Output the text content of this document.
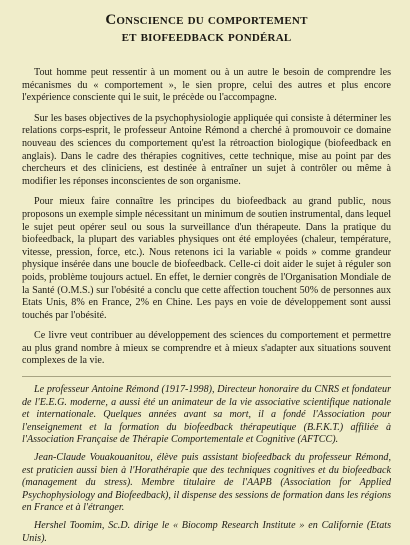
Conscience du comportement
et biofeedback pondéral

Tout homme peut ressentir à un moment ou à un autre le besoin de comprendre les mécanismes du « comportement », le sien propre, celui des autres et plus encore l'expérience consciente qui le suit, le précède ou l'accompagne.

Sur les bases objectives de la psychophysiologie appliquée qui consiste à déterminer les relations corps-esprit, le professeur Antoine Rémond a cherché à promouvoir ce domaine nouveau des sciences du comportement qu'est la rétroaction biologique (biofeedback en anglais). Dans le cadre des thérapies cognitives, cette technique, mise au point par des chercheurs et des cliniciens, est destinée à entraîner un sujet à contrôler ou même à modifier les réponses inconscientes de son organisme.

Pour mieux faire connaître les principes du biofeedback au grand public, nous proposons un exemple simple nécessitant un minimum de soutien instrumental, dans lequel le sujet peut opérer seul ou sous la surveillance d'un thérapeute. Dans la pratique du biofeedback, la plupart des variables physiques ont été employées (chaleur, température, vitesse, pression, force, etc.). Nous retenons ici la variable « poids » comme grandeur physique insérée dans une boucle de biofeedback. Celle-ci doit aider le sujet à réguler son poids, problème toujours actuel. En effet, le dernier congrès de l'Organisation Mondiale de la Santé (O.M.S.) sur l'obésité a conclu que cette affection touchent 50% de personnes aux Etats Unis, 8% en France, 2% en Chine. Les pays en voie de développement sont aussi touchés par l'obésité.

Ce livre veut contribuer au développement des sciences du comportement et permettre au plus grand nombre à mieux se comprendre et à mieux s'adapter aux situations souvent complexes de la vie.

Le professeur Antoine Rémond (1917-1998), Directeur honoraire du CNRS et fondateur de l'E.E.G. moderne, a aussi été un animateur de la vie associative scientifique nationale et internationale. Quelques années avant sa mort, il a fondé l'Association pour l'enseignement et la formation du biofeedback thérapeutique (B.F.K.T.) affiliée à l'Association Française de Thérapie Comportementale et Cognitive (AFTCC).

Jean-Claude Vouakouanitou, élève puis assistant biofeedback du professeur Rémond, est praticien aussi bien à l'Horathérapie que des techniques cognitives et du biofeedback (management du stress). Membre titulaire de l'AAPB (Association for Applied Psychophysiology and Biofeedback), il dispense des sessions de formation dans les régions en France et à l'étranger.

Hershel Toomim, Sc.D. dirige le « Biocomp Research Institute » en Californie (Etats Unis).
